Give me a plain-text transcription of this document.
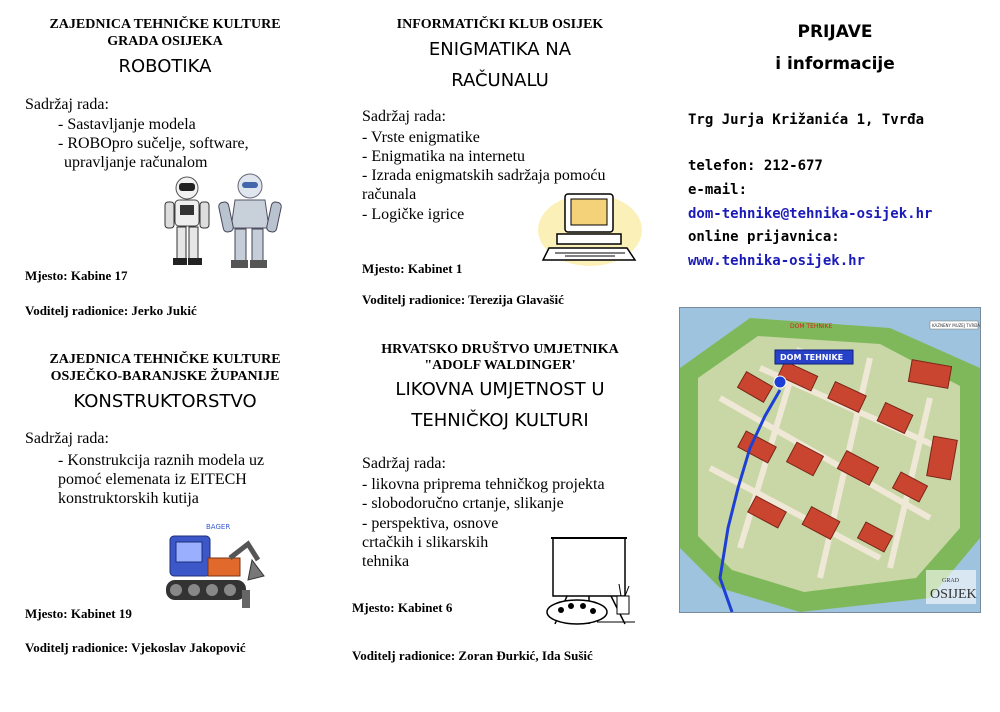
ZAJEDNICA TEHNIČKE KULTURE
GRADA OSIJEKA
ROBOTIKA
Sadržaj rada:
- Sastavljanje modela
- ROBOpro sučelje, software,
upravljanje računalom
Mjesto: Kabine 17
Voditelj radionice: Jerko Jukić
ZAJEDNICA TEHNIČKE KULTURE
OSJEČKO-BARANJSKE ŽUPANIJE
KONSTRUKTORSTVO
Sadržaj rada:
- Konstrukcija raznih modela uz
pomoć elemenata iz EITECH
konstruktorskih kutija
BAGER
Mjesto: Kabinet 19
Voditelj radionice: Vjekoslav Jakopović
INFORMATIČKI KLUB OSIJEK
ENIGMATIKA NA
RAČUNALU
Sadržaj rada:
- Vrste enigmatike
- Enigmatika na internetu
- Izrada enigmatskih sadržaja pomoću
računala
- Logičke igrice
Mjesto: Kabinet 1
Voditelj radionice: Terezija Glavašić
HRVATSKO DRUŠTVO UMJETNIKA
"ADOLF WALDINGER'
LIKOVNA UMJETNOST U
TEHNIČKOJ KULTURI
Sadržaj rada:
- likovna priprema tehničkog projekta
- slobodoručno crtanje, slikanje
- perspektiva, osnove
crtačkih i slikarskih
tehnika
Mjesto: Kabinet 6
Voditelj radionice: Zoran Đurkić, Ida Sušić
PRIJAVE
i informacije
Trg Jurja Križanića 1, Tvrđa
telefon: 212-677
e-mail:
dom-tehnike@tehnika-osijek.hr
online prijavnica:
www.tehnika-osijek.hr
KAZNENY MUZEJ TVRĐA
DOM TEHNIKE
DOM TEHNIKE
GRAD
OSIJEK
